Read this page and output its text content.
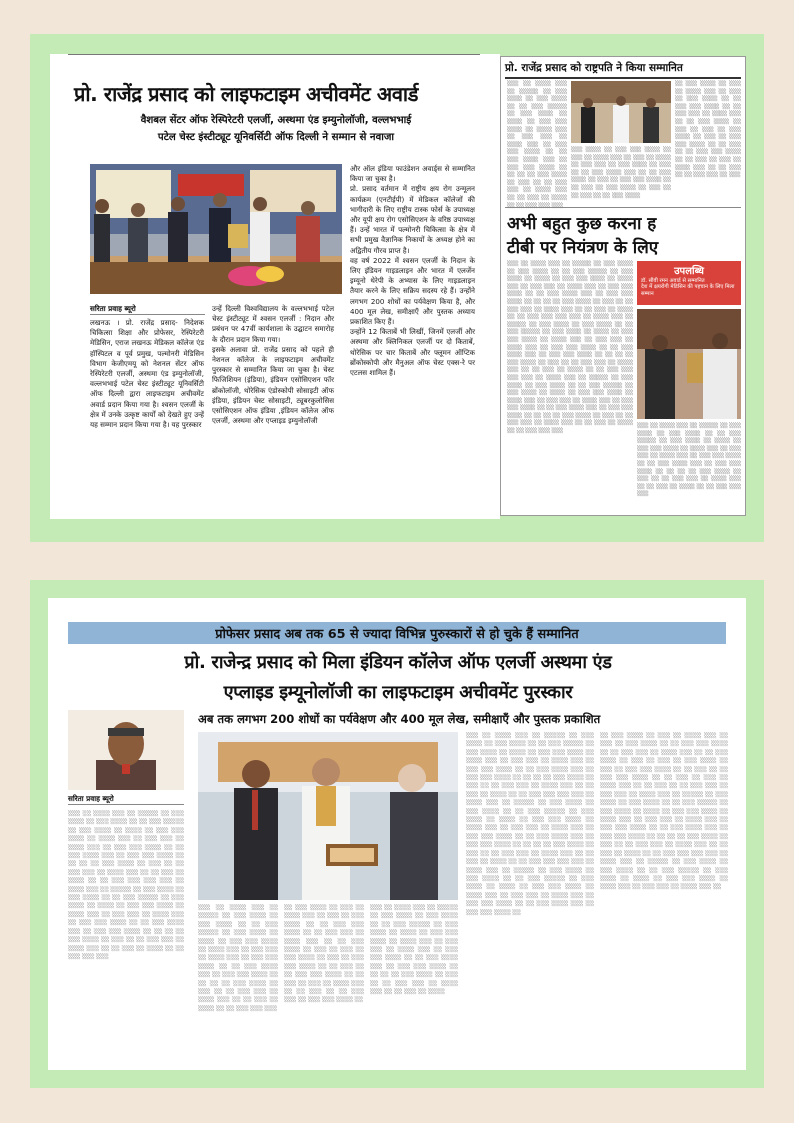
प्रो. राजेंद्र प्रसाद को लाइफटाइम अचीवमेंट अवार्ड
वैशबल सेंटर ऑफ रेस्पिरेटरी एलर्जी, अस्थमा एंड इम्युनोलॉजी, वल्लभभाई
पटेल चेस्ट इंस्टीट्यूट यूनिवर्सिटी ऑफ दिल्ली ने सम्मान से नवाजा
सरिता प्रवाह ब्यूरो
लखनऊ । प्रो. राजेंद्र प्रसाद- निदेशक चिकित्सा शिक्षा और प्रोफेसर, रेस्पिरेटरी मेडिसिन, एराज लखनऊ मेडिकल कॉलेज एंड हॉस्पिटल व पूर्व प्रमुख, पल्मोनरी मेडिसिन विभाग केजीएमयू को नेशनल सेंटर ऑफ रेस्पिरेटरी एलर्जी, अस्थमा एंड इम्युनोलॉजी, वल्लभभाई पटेल चेस्ट इंस्टीट्यूट यूनिवर्सिटी ऑफ दिल्ली द्वारा लाइफटाइम अचीवमेंट अवार्ड प्रदान किया गया है। श्वसन एलर्जी के क्षेत्र में उनके उत्कृष्ट कार्यों को देखते हुए उन्हें यह सम्मान प्रदान किया गया है। यह पुरस्कार
उन्हें दिल्ली विश्वविद्यालय के वल्लभभाई पटेल चेस्ट इंस्टीट्यूट में श्वसन एलर्जी : निदान और प्रबंधन पर 47वीं कार्यशाला के उद्घाटन समारोह के दौरान प्रदान किया गया।
इसके अलावा प्रो. राजेंद्र प्रसाद को पहले ही नेशनल कॉलेज के लाइफटाइम अचीवमेंट पुरस्कार से सम्मानित किया जा चुका है। चेस्ट फिजिशियन (इंडिया), इंडियन एसोसिएशन फॉर ब्रोंकोलॉजी, थोरेसिक एंडोस्कोपी सोसाइटी ऑफ इंडिया, इंडियन चेस्ट सोसाइटी, ट्यूबरकुलोसिस एसोसिएशन ऑफ इंडिया ,इंडियन कॉलेज ऑफ एलर्जी, अस्थमा और एप्लाइड इम्युनोलॉजी
और ऑल इंडिया फाउंडेशन अवार्ड्स से सम्मानित किया जा चुका है।
प्रो. प्रसाद वर्तमान में राष्ट्रीय क्षय रोग उन्मूलन कार्यक्रम (एनटीईपी) में मेडिकल कॉलेजों की भागीदारी के लिए राष्ट्रीय टास्क फोर्स के उपाध्यक्ष और यूपी क्षय रोग एसोसिएशन के वरिष्ठ उपाध्यक्ष हैं। उन्हें भारत में पल्मोनरी चिकित्सा के क्षेत्र में सभी प्रमुख वैज्ञानिक निकायों के अध्यक्ष होने का अद्वितीय गौरव प्राप्त है।
वह वर्ष 2022 में श्वसन एलर्जी के निदान के लिए इंडियन गाइडलाइन और भारत में एलर्जेन इम्यूनो थेरेपी के अभ्यास के लिए गाइडलाइन तैयार करने के लिए सक्रिय सदस्य रहे हैं। उन्होंने लगभग 200 शोधों का पर्यवेक्षण किया है, और 400 मूल लेख, समीक्षाएँ और पुस्तक अध्याय प्रकाशित किए हैं।
उन्होंने 12 किताबें भी लिखीं, जिनमें एलर्जी और अस्थमा और क्लिनिकल एलर्जी पर दो किताबें, थोरेसिक पर चार किताबें और फ्लूमन ऑप्टिक ब्रोंकोस्कोपी और मैनुअल ऑफ चेस्ट एक्स-रे पर एटलस शामिल हैं।
प्रो. राजेंद्र प्रसाद को राष्ट्रपति ने किया सम्मानित
░░░ ░░ ░░░░ ░░░ ░░ ░░░░░ ░░ ░░░ ░░░░ ░░ ░░░ ░░░░ ░░ ░░ ░░░ ░░░░░ ░░ ░░░ ░░░░ ░░ ░░░░ ░░ ░░░ ░░░ ░░░░ ░░ ░░░░ ░░░ ░░ ░░░ ░░░ ░░ ░░░░ ░░░ ░░ ░░░ ░░░ ░░░░ ░░ ░░ ░░░ ░░░░ ░░░ ░░ ░░░ ░░░ ░░░░ ░░ ░░ ░░ ░░ ░░░ ░░░░ ░░ ░░░ ░░ ░░ ░░░ ░░░ ░░ ░░░░ ░░░ ░░ ░░ ░░░ ░░ ░░░░ ░░ ░░ ░░░ ░░░ ░░░
░░░ ░░░░ ░░ ░░░ ░░░ ░░░░ ░░ ░░░ ░░ ░░░░ ░░░ ░░ ░░░ ░░ ░░░░ ░░ ░░░ ░░░ ░░ ░░░ ░░░░ ░░ ░░░ ░░ ░░ ░░░ ░░░░ ░░░ ░░ ░░ ░░░ ░░░░ ░░ ░░░ ░░ ░░░ ░░░ ░░░░ ░░ ░░ ░░░ ░░ ░░░ ░░░░ ░░ ░░░ ░░ ░░ ░░░ ░░ ░░ ░░░ ░░░░
░░ ░░░ ░░░░ ░░ ░░░ ░░ ░░░░ ░░░ ░░ ░░░ ░░ ░░░ ░░░░ ░░ ░░ ░░░ ░░░ ░░░░ ░░ ░░ ░░░ ░░░ ░░ ░░░░ ░░░ ░░ ░░ ░░░ ░░░░ ░░ ░░░ ░░ ░░░ ░░ ░░░ ░░░░ ░░ ░░░ ░░ ░░░ ░░░ ░░░░ ░░ ░░ ░░░ ░░ ░░ ░░░ ░░░ ░░░░ ░░ ░░ ░░░ ░░ ░░░ ░░ ░░░░ ░░░ ░░ ░░ ░░░ ░░ ░░ ░░░ ░░░ ░░ ░░░
अभी बहुत कुछ करना ह
टीबी पर नियंत्रण के लिए
░░░ ░░ ░░░░ ░░░ ░░ ░░░░░ ░░ ░░░ ░░░░ ░░ ░░░ ░░░░ ░░ ░░ ░░░ ░░░░░ ░░ ░░░ ░░░░ ░░ ░░░░ ░░ ░░░ ░░░ ░░░░ ░░ ░░░░ ░░░ ░░ ░░░ ░░░ ░░ ░░░░ ░░░ ░░ ░░░ ░░░ ░░░░ ░░ ░░ ░░░ ░░░░ ░░░ ░░ ░░░ ░░░ ░░░░ ░░ ░░ ░░ ░░ ░░░ ░░░░ ░░ ░░░ ░░ ░░ ░░░ ░░░ ░░ ░░░░ ░░░ ░░ ░░ ░░░ ░░ ░░░░ ░░ ░░ ░░░ ░░░ ░░░ ░░░ ░░ ░░░░ ░░░ ░░ ░░░░░ ░░ ░░░ ░░░░ ░░ ░░░ ░░░░ ░░ ░░ ░░░ ░░░░░ ░░ ░░░ ░░░░ ░░ ░░░░ ░░ ░░░ ░░░ ░░░░ ░░ ░░░░ ░░░ ░░ ░░░ ░░░ ░░ ░░░░ ░░░ ░░ ░░░ ░░░ ░░░░ ░░ ░░ ░░░ ░░░░ ░░░ ░░ ░░░ ░░░ ░░░░ ░░ ░░ ░░ ░░ ░░░ ░░░░ ░░ ░░░ ░░ ░░ ░░░ ░░░ ░░ ░░░░ ░░░ ░░ ░░ ░░░ ░░ ░░░░ ░░ ░░ ░░░ ░░░ ░░░ ░░░ ░░ ░░░░ ░░░ ░░ ░░░░░ ░░ ░░░ ░░░░ ░░ ░░░ ░░░░ ░░ ░░ ░░░ ░░░░░ ░░ ░░░ ░░░░ ░░ ░░░░ ░░ ░░░ ░░░ ░░░░ ░░ ░░░░ ░░░ ░░ ░░░ ░░░ ░░ ░░░░ ░░░ ░░ ░░░ ░░░ ░░░░ ░░ ░░ ░░░ ░░░░ ░░░ ░░ ░░░ ░░░ ░░░░ ░░ ░░ ░░ ░░ ░░░ ░░░░ ░░ ░░░ ░░ ░░ ░░░ ░░░ ░░ ░░░░ ░░░ ░░ ░░ ░░░ ░░ ░░░░ ░░ ░░ ░░░ ░░░ ░░░
उपलब्धि
डॉ. सीवी रमन अवार्ड से सम्मानित
देश में क्षयरोगी मेडिसिन की पहचान के लिए मिला सम्मान
░░░ ░░ ░░░░ ░░░ ░░ ░░░░░ ░░ ░░░ ░░░░ ░░ ░░░ ░░░░ ░░ ░░ ░░░ ░░░░░ ░░ ░░░ ░░░░ ░░ ░░░░ ░░ ░░░ ░░░ ░░░░ ░░ ░░░░ ░░░ ░░ ░░░ ░░░ ░░ ░░░░ ░░░ ░░ ░░░ ░░░ ░░░░ ░░ ░░ ░░░ ░░░░ ░░░ ░░ ░░░ ░░░ ░░░░ ░░ ░░ ░░ ░░ ░░░ ░░░░ ░░ ░░░ ░░ ░░ ░░░ ░░░ ░░ ░░░░ ░░░ ░░ ░░ ░░░ ░░ ░░░░ ░░ ░░ ░░░ ░░░ ░░░
प्रोफेसर प्रसाद अब तक 65 से ज्यादा विभिन्न पुरुस्कारों से हो चुके हैं सम्मानित
प्रो. राजेन्द्र प्रसाद को मिला इंडियन कॉलेज ऑफ एलर्जी अस्थमा एंड
एप्लाइड इम्यूनोलॉजी का लाइफटाइम अचीवमेंट पुरस्कार
अब तक लगभग 200 शोधों का पर्यवेक्षण और 400 मूल लेख, समीक्षाएँ और पुस्तक प्रकाशित
सरिता प्रवाह ब्यूरो
░░░ ░░ ░░░░ ░░░ ░░ ░░░░░ ░░ ░░░ ░░░░ ░░ ░░░ ░░░░ ░░ ░░ ░░░ ░░░░░ ░░ ░░░ ░░░░ ░░ ░░░░ ░░ ░░░ ░░░ ░░░░ ░░ ░░░░ ░░░ ░░ ░░░ ░░░ ░░ ░░░░ ░░░ ░░ ░░░ ░░░ ░░░░ ░░ ░░ ░░░ ░░░░ ░░░ ░░ ░░░ ░░░ ░░░░ ░░ ░░ ░░ ░░ ░░░ ░░░░ ░░ ░░░ ░░ ░░ ░░░ ░░░ ░░ ░░░░ ░░░ ░░ ░░ ░░░ ░░ ░░░░ ░░ ░░ ░░░ ░░░ ░░░ ░░░ ░░ ░░░░ ░░░ ░░ ░░░░░ ░░ ░░░ ░░░░ ░░ ░░░ ░░░░ ░░ ░░ ░░░ ░░░░░ ░░ ░░░ ░░░░ ░░ ░░░░ ░░ ░░░ ░░░ ░░░░ ░░ ░░░░ ░░░ ░░ ░░░ ░░░ ░░ ░░░░ ░░░ ░░ ░░░ ░░░ ░░░░ ░░ ░░ ░░░ ░░░░ ░░░ ░░ ░░░ ░░░ ░░░░ ░░ ░░ ░░ ░░ ░░░ ░░░░ ░░ ░░░ ░░ ░░ ░░░ ░░░ ░░ ░░░░ ░░░ ░░ ░░ ░░░ ░░ ░░░░ ░░ ░░ ░░░ ░░░ ░░░
░░░ ░░ ░░░░ ░░░ ░░ ░░░░░ ░░ ░░░ ░░░░ ░░ ░░░ ░░░░ ░░ ░░ ░░░ ░░░░░ ░░ ░░░ ░░░░ ░░ ░░░░ ░░ ░░░ ░░░ ░░░░ ░░ ░░░░ ░░░ ░░ ░░░ ░░░ ░░ ░░░░ ░░░ ░░ ░░░ ░░░ ░░░░ ░░ ░░ ░░░ ░░░░ ░░░ ░░ ░░░ ░░░ ░░░░ ░░ ░░ ░░ ░░ ░░░ ░░░░ ░░ ░░░ ░░ ░░ ░░░ ░░░ ░░ ░░░░ ░░░ ░░ ░░ ░░░ ░░ ░░░░ ░░ ░░ ░░░ ░░░ ░░░
░░ ░░░ ░░░░ ░░ ░░░ ░░ ░░░░ ░░░ ░░ ░░░ ░░ ░░░ ░░░░ ░░ ░░ ░░░ ░░░ ░░░░ ░░ ░░ ░░░ ░░░ ░░ ░░░░ ░░░ ░░ ░░ ░░░ ░░░░ ░░ ░░░ ░░ ░░░ ░░ ░░░ ░░░░ ░░ ░░░ ░░ ░░░ ░░░ ░░░░ ░░ ░░ ░░░ ░░ ░░ ░░░ ░░░ ░░░░ ░░ ░░ ░░░ ░░ ░░░ ░░ ░░░░ ░░░ ░░ ░░ ░░░ ░░ ░░ ░░░ ░░░ ░░ ░░░ ░░░ ░░░░ ░░
░░░ ░░ ░░░░ ░░░ ░░ ░░░░░ ░░ ░░░ ░░░░ ░░ ░░░ ░░░░ ░░ ░░ ░░░ ░░░░░ ░░ ░░░ ░░░░ ░░ ░░░░ ░░ ░░░ ░░░ ░░░░ ░░ ░░░░ ░░░ ░░ ░░░ ░░░ ░░ ░░░░ ░░░ ░░ ░░░ ░░░ ░░░░ ░░ ░░ ░░░ ░░░░ ░░░ ░░ ░░░ ░░░ ░░░░ ░░ ░░ ░░ ░░ ░░░ ░░░░ ░░ ░░░ ░░ ░░ ░░░ ░░░ ░░ ░░░░ ░░░ ░░ ░░ ░░░ ░░ ░░░░
░░░ ░░ ░░░░ ░░░ ░░ ░░░░░ ░░ ░░░ ░░░░ ░░ ░░░ ░░░░ ░░ ░░ ░░░ ░░░░░ ░░ ░░░ ░░░░ ░░ ░░░░ ░░ ░░░ ░░░ ░░░░ ░░ ░░░░ ░░░ ░░ ░░░ ░░░ ░░ ░░░░ ░░░ ░░ ░░░ ░░░ ░░░░ ░░ ░░ ░░░ ░░░░ ░░░ ░░ ░░░ ░░░ ░░░░ ░░ ░░ ░░ ░░ ░░░ ░░░░ ░░ ░░░ ░░ ░░ ░░░ ░░░ ░░ ░░░░ ░░░ ░░ ░░ ░░░ ░░ ░░░░ ░░ ░░ ░░░ ░░░ ░░░ ░░░ ░░ ░░░░ ░░░ ░░ ░░░░░ ░░ ░░░ ░░░░ ░░ ░░░ ░░░░ ░░ ░░ ░░░ ░░░░░ ░░ ░░░ ░░░░ ░░ ░░░░ ░░ ░░░ ░░░ ░░░░ ░░ ░░░░ ░░░ ░░ ░░░ ░░░ ░░ ░░░░ ░░░ ░░ ░░░ ░░░ ░░░░ ░░ ░░ ░░░ ░░░░ ░░░ ░░ ░░░ ░░░ ░░░░ ░░ ░░ ░░ ░░ ░░░ ░░░░ ░░ ░░░ ░░ ░░ ░░░ ░░░ ░░ ░░░░ ░░░ ░░ ░░ ░░░ ░░ ░░░░ ░░ ░░ ░░░ ░░░ ░░░ ░░░ ░░ ░░░░ ░░░ ░░ ░░░░░ ░░ ░░░ ░░░░ ░░ ░░░ ░░░░ ░░ ░░ ░░░ ░░░░░ ░░ ░░░ ░░░░ ░░ ░░░░ ░░ ░░░ ░░░ ░░░░ ░░ ░░░░ ░░░ ░░ ░░░ ░░░ ░░ ░░░░ ░░░ ░░ ░░░ ░░░ ░░░░ ░░ ░░ ░░░ ░░░░ ░░░ ░░ ░░░ ░░░ ░░░░ ░░
░░ ░░░ ░░░░ ░░ ░░░ ░░ ░░░░ ░░░ ░░ ░░░ ░░ ░░░ ░░░░ ░░ ░░ ░░░ ░░░ ░░░░ ░░ ░░ ░░░ ░░░ ░░ ░░░░ ░░░ ░░ ░░ ░░░ ░░░░ ░░ ░░░ ░░ ░░░ ░░ ░░░ ░░░░ ░░ ░░░ ░░ ░░░ ░░░ ░░░░ ░░ ░░ ░░░ ░░ ░░ ░░░ ░░░ ░░░░ ░░ ░░ ░░░ ░░ ░░░ ░░ ░░░░ ░░░ ░░ ░░ ░░░ ░░ ░░ ░░░ ░░░ ░░ ░░░ ░░░ ░░ ░░░░ ░░░ ░░ ░░░░░ ░░ ░░░ ░░░░ ░░ ░░░ ░░░░ ░░ ░░ ░░░ ░░░░░ ░░ ░░░ ░░░░ ░░ ░░░░ ░░ ░░░ ░░░ ░░░░ ░░ ░░░░ ░░░ ░░ ░░░ ░░░ ░░ ░░░░ ░░░ ░░ ░░░ ░░░ ░░░░ ░░ ░░ ░░░ ░░░░ ░░░ ░░ ░░░ ░░░ ░░░░ ░░ ░░ ░░ ░░ ░░░ ░░░░ ░░ ░░░ ░░ ░░ ░░░ ░░░ ░░ ░░░░ ░░░ ░░ ░░ ░░░ ░░ ░░░░ ░░ ░░ ░░░ ░░░ ░░░ ░░░ ░░ ░░░░ ░░░ ░░ ░░░░░ ░░ ░░░ ░░░░ ░░ ░░░ ░░░░ ░░ ░░ ░░░ ░░░░░ ░░ ░░░ ░░░░ ░░ ░░░░ ░░ ░░░ ░░░ ░░░░ ░░ ░░░░ ░░░ ░░ ░░░ ░░░ ░░ ░░░░ ░░░ ░░
